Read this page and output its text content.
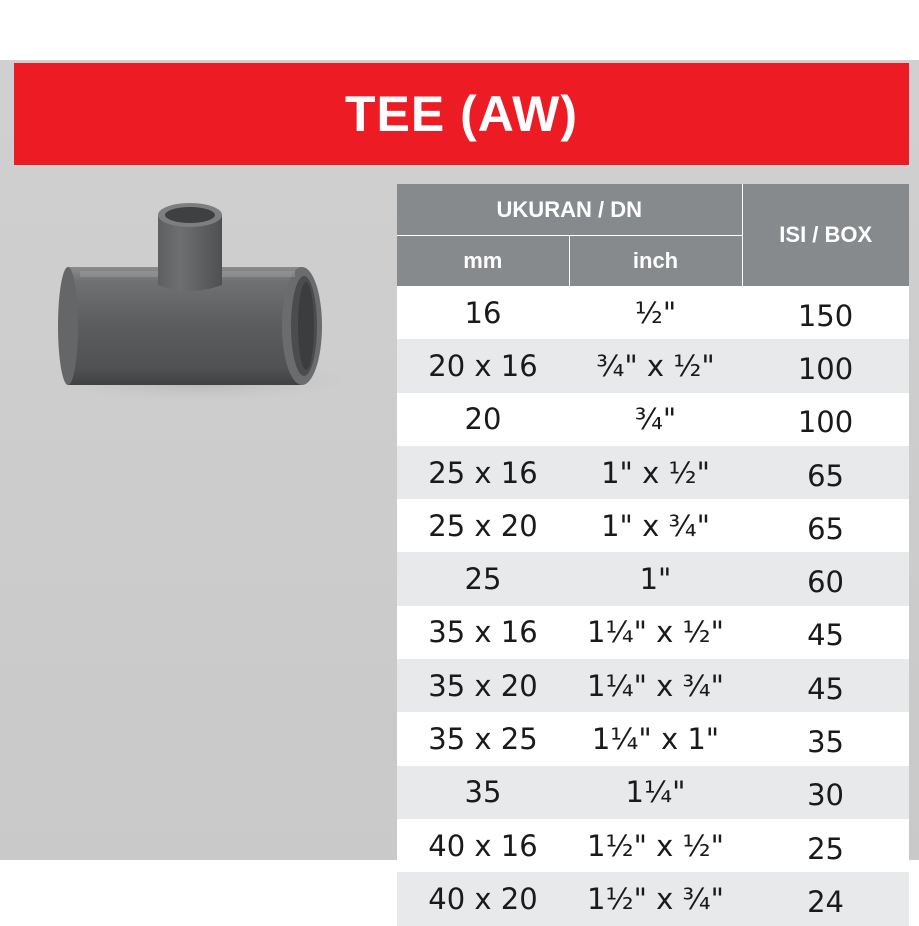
TEE (AW)
UKURAN / DN		ISI / BOX
mm	inch	
16	½"	150
20 x 16	¾" x ½"	100
20	¾"	100
25 x 16	1" x ½"	65
25 x 20	1" x ¾"	65
25	1"	60
35 x 16	1¼" x ½"	45
35 x 20	1¼" x ¾"	45
35 x 25	1¼" x 1"	35
35	1¼"	30
40 x 16	1½" x ½"	25
40 x 20	1½" x ¾"	24
